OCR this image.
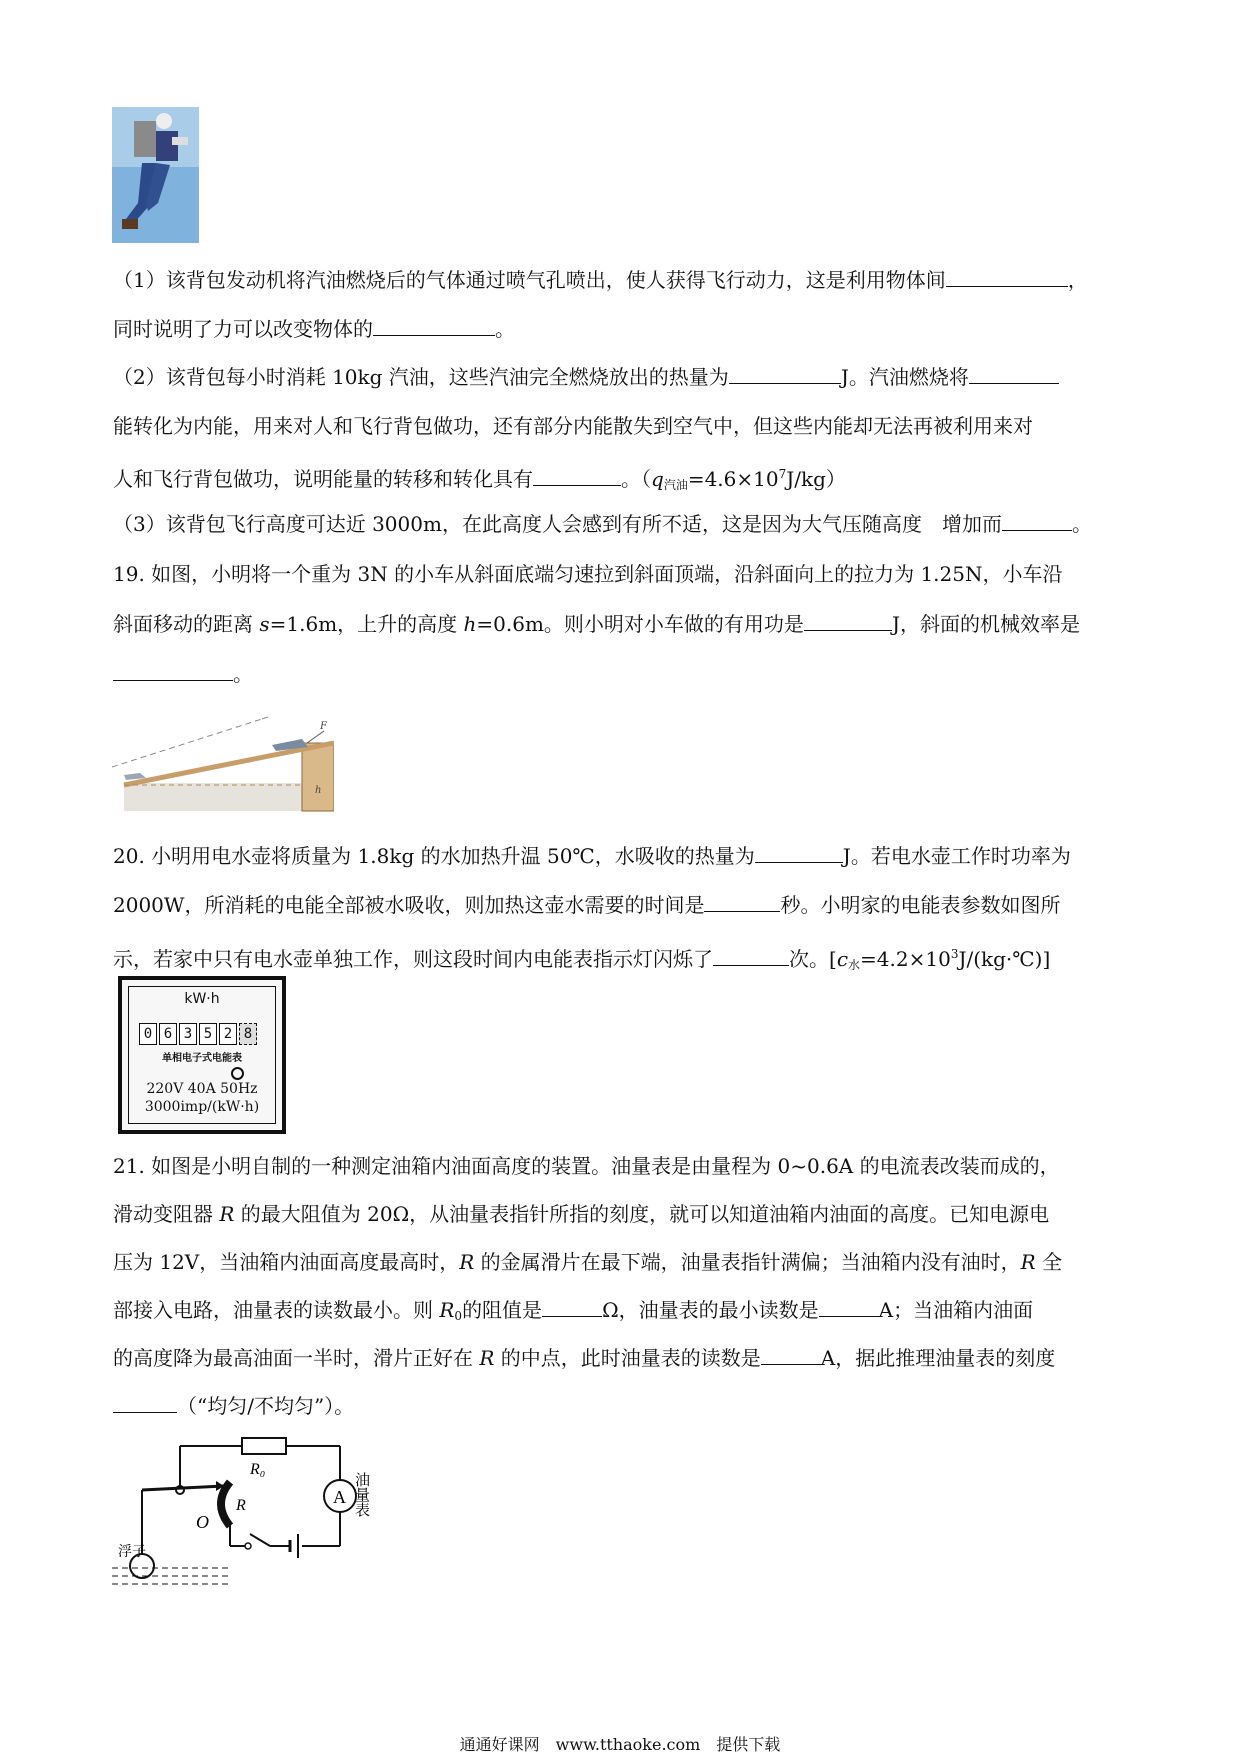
（1）该背包发动机将汽油燃烧后的气体通过喷气孔喷出，使人获得飞行动力，这是利用物体间	，
同时说明了力可以改变物体的	。
（2）该背包每小时消耗 10kg 汽油，这些汽油完全燃烧放出的热量为	J。汽油燃烧将
能转化为内能，用来对人和飞行背包做功，还有部分内能散失到空气中，但这些内能却无法再被利用来对
人和飞行背包做功，说明能量的转移和转化具有	。$(q_{汽油}=4.6\times 10^7J/kg)$
（3）该背包飞行高度可达近 3000m，在此高度人会感到有所不适，这是因为大气压随高度　增加而	。
19. 如图，小明将一个重为 3N 的小车从斜面底端匀速拉到斜面顶端，沿斜面向上的拉力为 1.25N，小车沿
斜面移动的距离 s=1.6m，上升的高度 h=0.6m。则小明对小车做的有用功是	J，斜面的机械效率是
。
h
F
20. 小明用电水壶将质量为 1.8kg 的水加热升温 50℃，水吸收的热量为	J。若电水壶工作时功率为
2000W，所消耗的电能全部被水吸收，则加热这壶水需要的时间是	秒。小明家的电能表参数如图所
示，若家中只有电水壶单独工作，则这段时间内电能表指示灯闪烁了	次。$[c_水=4.2\times 10^3J/(kg\cdot℃)]$
kW·h
0 6 3 5 2 8
单相电子式电能表
220V 40A 50Hz
3000imp/(kW·h)
21. 如图是小明自制的一种测定油箱内油面高度的装置。油量表是由量程为 0~0.6A 的电流表改装而成的，
滑动变阻器 R 的最大阻值为 20Ω，从油量表指针所指的刻度，就可以知道油箱内油面的高度。已知电源电
压为 12V，当油箱内油面高度最高时，R 的金属滑片在最下端，油量表指针满偏；当油箱内没有油时，R 全
部接入电路，油量表的读数最小。则 $R_0$的阻值是	Ω，油量表的最小读数是	A；当油箱内油面
的高度降为最高油面一半时，滑片正好在 R 的中点，此时油量表的读数是	A，据此推理油量表的刻度
（“均匀/不均匀”）。
A
R₀
R
O
浮子
油量表
通通好课网　www.tthaoke.com　提供下载
